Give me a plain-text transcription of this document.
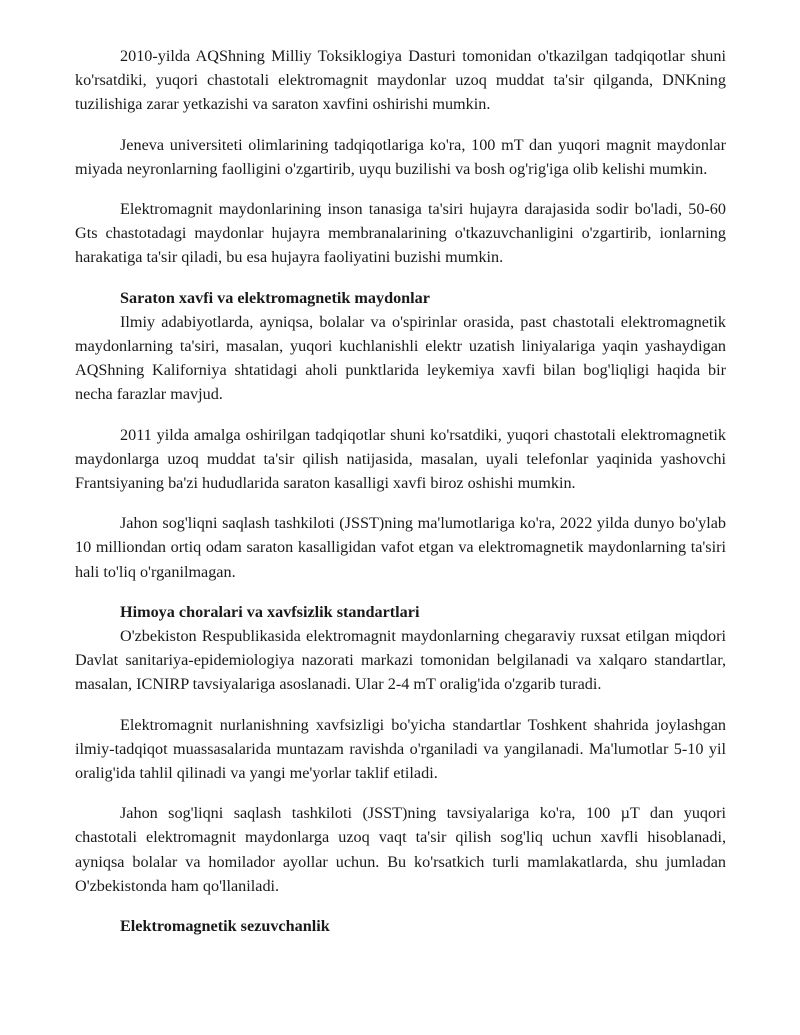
2010-yilda AQShning Milliy Toksiklogiya Dasturi tomonidan o'tkazilgan tadqiqotlar shuni ko'rsatdiki, yuqori chastotali elektromagnit maydonlar uzoq muddat ta'sir qilganda, DNKning tuzilishiga zarar yetkazishi va saraton xavfini oshirishi mumkin.

Jeneva universiteti olimlarining tadqiqotlariga ko'ra, 100 mT dan yuqori magnit maydonlar miyada neyronlarning faolligini o'zgartirib, uyqu buzilishi va bosh og'rig'iga olib kelishi mumkin.

Elektromagnit maydonlarining inson tanasiga ta'siri hujayra darajasida sodir bo'ladi, 50-60 Gts chastotadagi maydonlar hujayra membranalarining o'tkazuvchanligini o'zgartirib, ionlarning harakatiga ta'sir qiladi, bu esa hujayra faoliyatini buzishi mumkin.

Saraton xavfi va elektromagnetik maydonlar

Ilmiy adabiyotlarda, ayniqsa, bolalar va o'spirinlar orasida, past chastotali elektromagnetik maydonlarning ta'siri, masalan, yuqori kuchlanishli elektr uzatish liniyalariga yaqin yashaydigan AQShning Kaliforniya shtatidagi aholi punktlarida leykemiya xavfi bilan bog'liqligi haqida bir necha farazlar mavjud.

2011 yilda amalga oshirilgan tadqiqotlar shuni ko'rsatdiki, yuqori chastotali elektromagnetik maydonlarga uzoq muddat ta'sir qilish natijasida, masalan, uyali telefonlar yaqinida yashovchi Frantsiyaning ba'zi hududlarida saraton kasalligi xavfi biroz oshishi mumkin.

Jahon sog'liqni saqlash tashkiloti (JSST)ning ma'lumotlariga ko'ra, 2022 yilda dunyo bo'ylab 10 milliondan ortiq odam saraton kasalligidan vafot etgan va elektromagnetik maydonlarning ta'siri hali to'liq o'rganilmagan.

Himoya choralari va xavfsizlik standartlari

O'zbekiston Respublikasida elektromagnit maydonlarning chegaraviy ruxsat etilgan miqdori Davlat sanitariya-epidemiologiya nazorati markazi tomonidan belgilanadi va xalqaro standartlar, masalan, ICNIRP tavsiyalariga asoslanadi. Ular 2-4 mT oralig'ida o'zgarib turadi.

Elektromagnit nurlanishning xavfsizligi bo'yicha standartlar Toshkent shahrida joylashgan ilmiy-tadqiqot muassasalarida muntazam ravishda o'rganiladi va yangilanadi. Ma'lumotlar 5-10 yil oralig'ida tahlil qilinadi va yangi me'yorlar taklif etiladi.

Jahon sog'liqni saqlash tashkiloti (JSST)ning tavsiyalariga ko'ra, 100 µT dan yuqori chastotali elektromagnit maydonlarga uzoq vaqt ta'sir qilish sog'liq uchun xavfli hisoblanadi, ayniqsa bolalar va homilador ayollar uchun. Bu ko'rsatkich turli mamlakatlarda, shu jumladan O'zbekistonda ham qo'llaniladi.

Elektromagnetik sezuvchanlik
